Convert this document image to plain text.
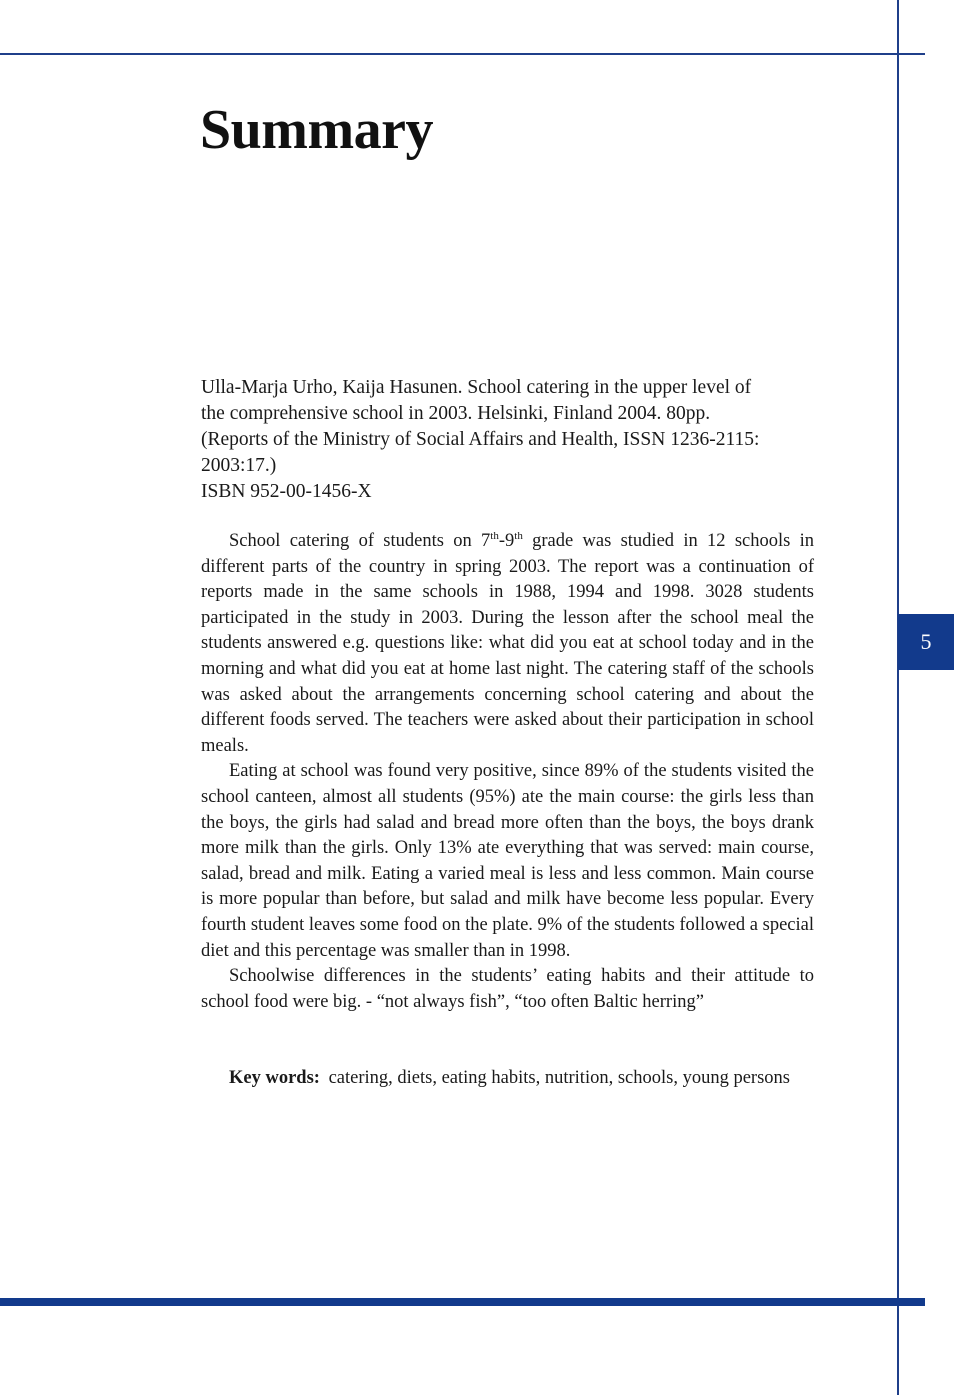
5
Summary
Ulla-Marja Urho, Kaija Hasunen. School catering in the upper level of
the comprehensive school in 2003. Helsinki, Finland 2004. 80pp.
(Reports of the Ministry of Social Affairs and Health, ISSN 1236-2115:
2003:17.)
ISBN 952-00-1456-X

School catering of students on 7th-9th grade was studied in 12 schools in different parts of the country in spring 2003. The report was a continuation of reports made in the same schools in 1988, 1994 and 1998. 3028 students participated in the study in 2003. During the lesson after the school meal the students answered e.g. questions like: what did you eat at school today and in the morning and what did you eat at home last night. The catering staff of the schools was asked about the arrangements concerning school catering and about the different foods served. The teachers were asked about their participation in school meals.

Eating at school was found very positive, since 89% of the students visited the school canteen, almost all students (95%) ate the main course: the girls less than the boys, the girls had salad and bread more often than the boys, the boys drank more milk than the girls. Only 13% ate everything that was served: main course, salad, bread and milk. Eating a varied meal is less and less common. Main course is more popular than before, but salad and milk have become less popular. Every fourth student leaves some food on the plate. 9% of the students followed a special diet and this percentage was smaller than in 1998.

Schoolwise differences in the students’ eating habits and their attitude to school food were big. - “not always fish”, “too often Baltic herring”

Key words: catering, diets, eating habits, nutrition, schools, young persons
